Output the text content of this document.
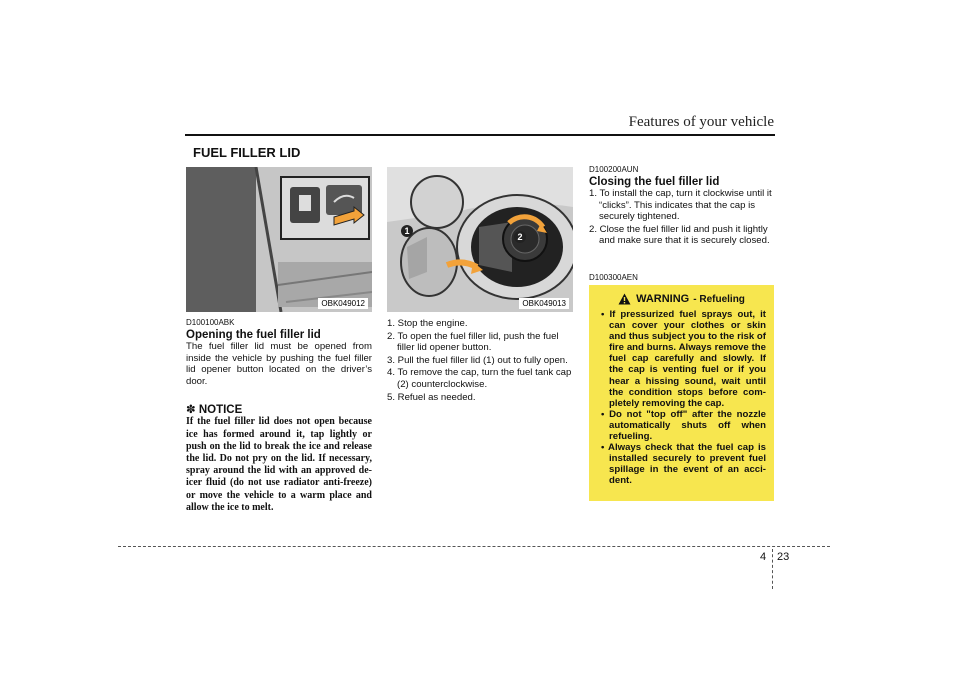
Features of your vehicle
FUEL FILLER LID
OBK049012
1
2
OBK049013
D100100ABK
Opening the fuel filler lid
The fuel filler lid must be opened from inside the vehicle by pushing the fuel filler lid opener button located on the driver’s door.
✽ NOTICE
If the fuel filler lid does not open because ice has formed around it, tap lightly or push on the lid to break the ice and release the lid. Do not pry on the lid. If necessary, spray around the lid with an approved de-icer fluid (do not use radiator anti-freeze) or move the vehicle to a warm place and allow the ice to melt.
1. Stop the engine.
2. To open the fuel filler lid, push the fuel filler lid opener button.
3. Pull the fuel filler lid (1) out to fully open.
4. To remove the cap, turn the fuel tank cap (2) counterclockwise.
5. Refuel as needed.
D100200AUN
Closing the fuel filler lid
1. To install the cap, turn it clockwise until it “clicks”. This indicates that the cap is securely tightened.
2. Close the fuel filler lid and push it lightly and make sure that it is securely closed.
D100300AEN
WARNING - Refueling
• If pressurized fuel sprays out, it can cover your clothes or skin and thus subject you to the risk of fire and burns. Always remove the fuel cap carefully and slowly. If the cap is venting fuel or if you hear a hissing sound, wait until the condition stops before completely removing the cap.
• Do not "top off" after the nozzle automatically shuts off when refueling.
• Always check that the fuel cap is installed securely to prevent fuel spillage in the event of an accident.
4 23
